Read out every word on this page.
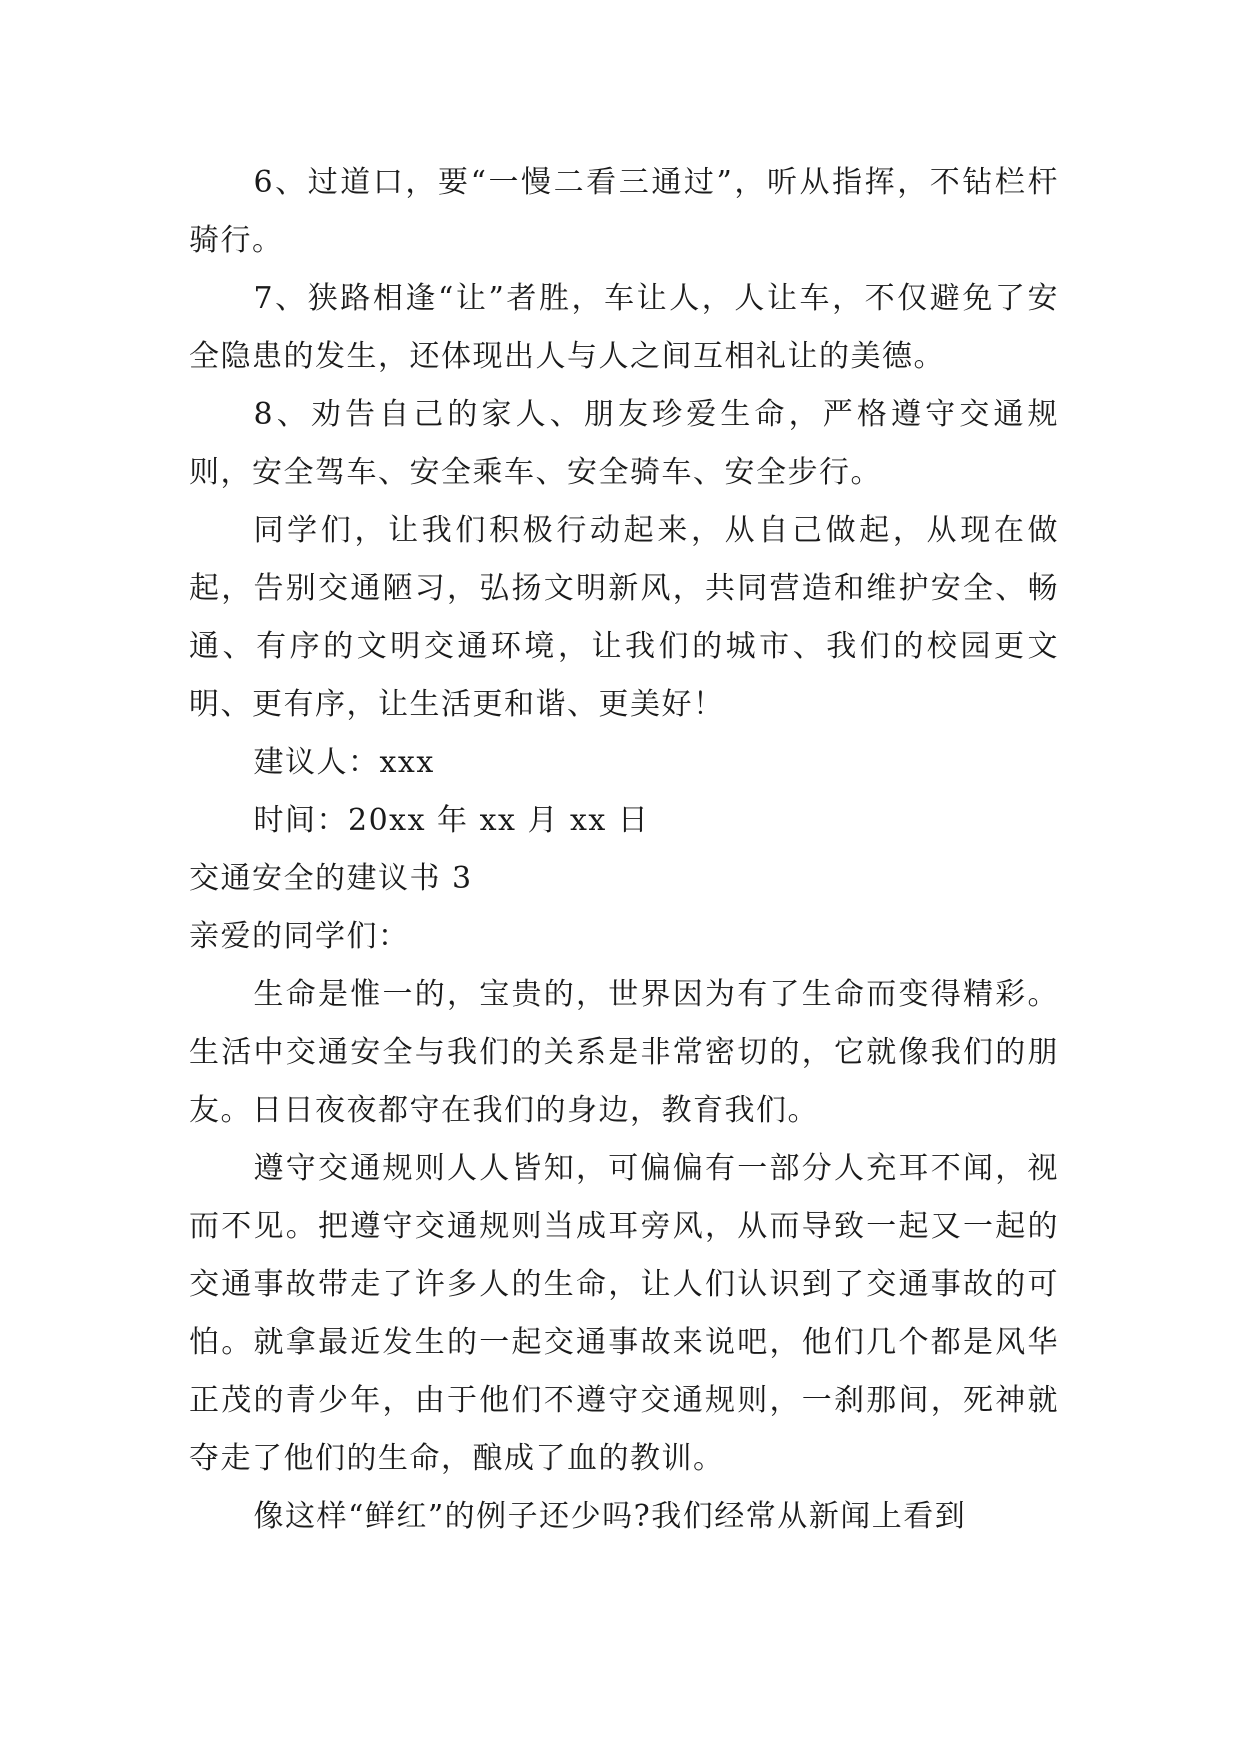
6、过道口，要“一慢二看三通过”，听从指挥，不钻栏杆骑行。

7、狭路相逢“让”者胜，车让人，人让车，不仅避免了安全隐患的发生，还体现出人与人之间互相礼让的美德。

8、劝告自己的家人、朋友珍爱生命，严格遵守交通规则，安全驾车、安全乘车、安全骑车、安全步行。

同学们，让我们积极行动起来，从自己做起，从现在做起，告别交通陋习，弘扬文明新风，共同营造和维护安全、畅通、有序的文明交通环境，让我们的城市、我们的校园更文明、更有序，让生活更和谐、更美好！

建议人：xxx

时间：20xx 年 xx 月 xx 日

交通安全的建议书 3

亲爱的同学们：

生命是惟一的，宝贵的，世界因为有了生命而变得精彩。生活中交通安全与我们的关系是非常密切的，它就像我们的朋友。日日夜夜都守在我们的身边，教育我们。

遵守交通规则人人皆知，可偏偏有一部分人充耳不闻，视而不见。把遵守交通规则当成耳旁风，从而导致一起又一起的交通事故带走了许多人的生命，让人们认识到了交通事故的可怕。就拿最近发生的一起交通事故来说吧，他们几个都是风华正茂的青少年，由于他们不遵守交通规则，一刹那间，死神就夺走了他们的生命，酿成了血的教训。

像这样“鲜红”的例子还少吗?我们经常从新闻上看到
